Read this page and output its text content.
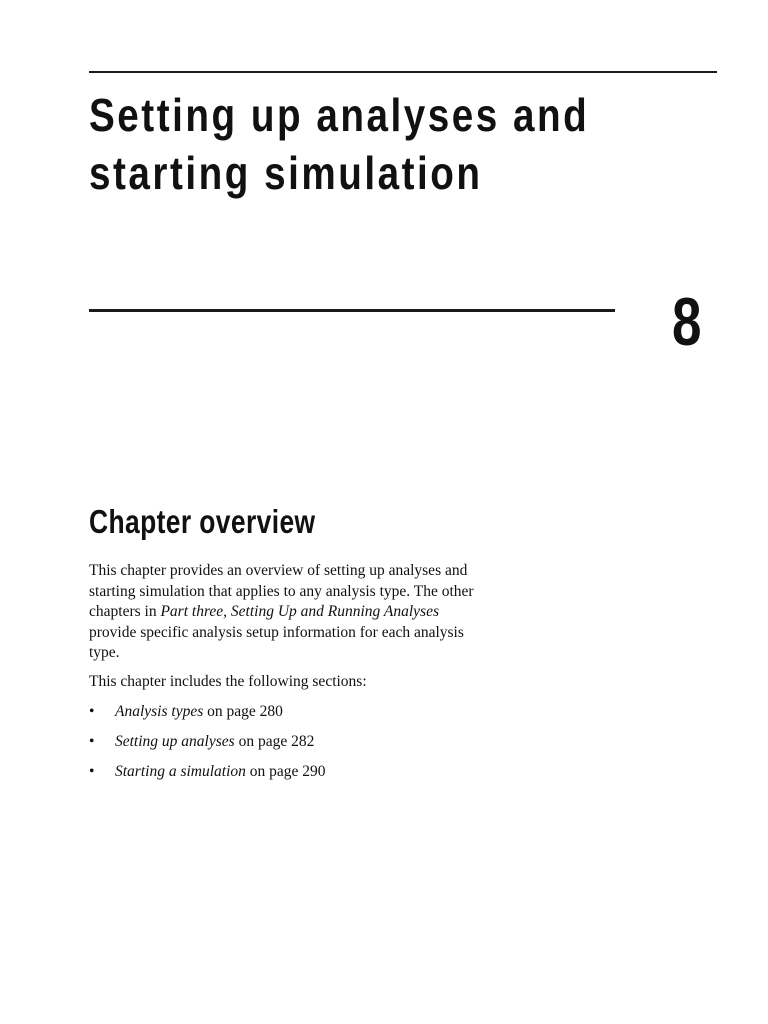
Setting up analyses and
starting simulation
8
Chapter overview

This chapter provides an overview of setting up analyses and starting simulation that applies to any analysis type. The other chapters in Part three, Setting Up and Running Analyses provide specific analysis setup information for each analysis type.

This chapter includes the following sections:

• Analysis types on page 280
• Setting up analyses on page 282
• Starting a simulation on page 290
